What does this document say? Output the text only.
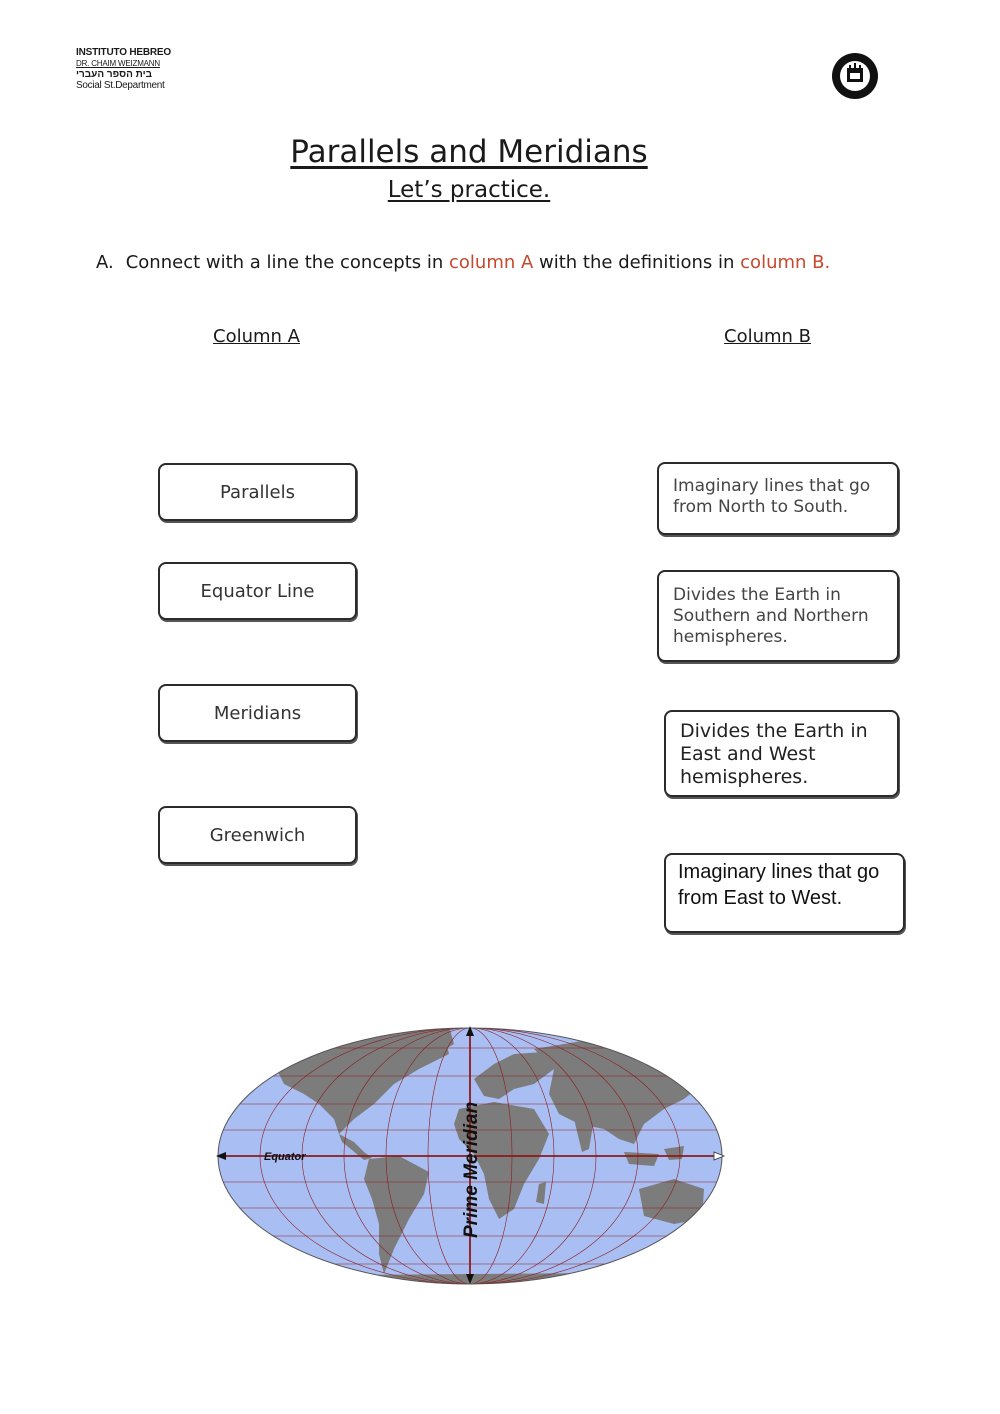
INSTITUTO HEBREO
DR. CHAIM WEIZMANN
בית הספר העברי
Social St.Department
Parallels and Meridians
Let’s practice.
A. Connect with a line the concepts in column A with the definitions in column B.
Column A	Column B
Parallels
Equator Line
Meridians
Greenwich
Imaginary lines that go from North to South.
Divides the Earth in Southern and Northern hemispheres.
Divides the Earth in East and West hemispheres.
Imaginary lines that go from East to West.
Equator	Prime Meridian
